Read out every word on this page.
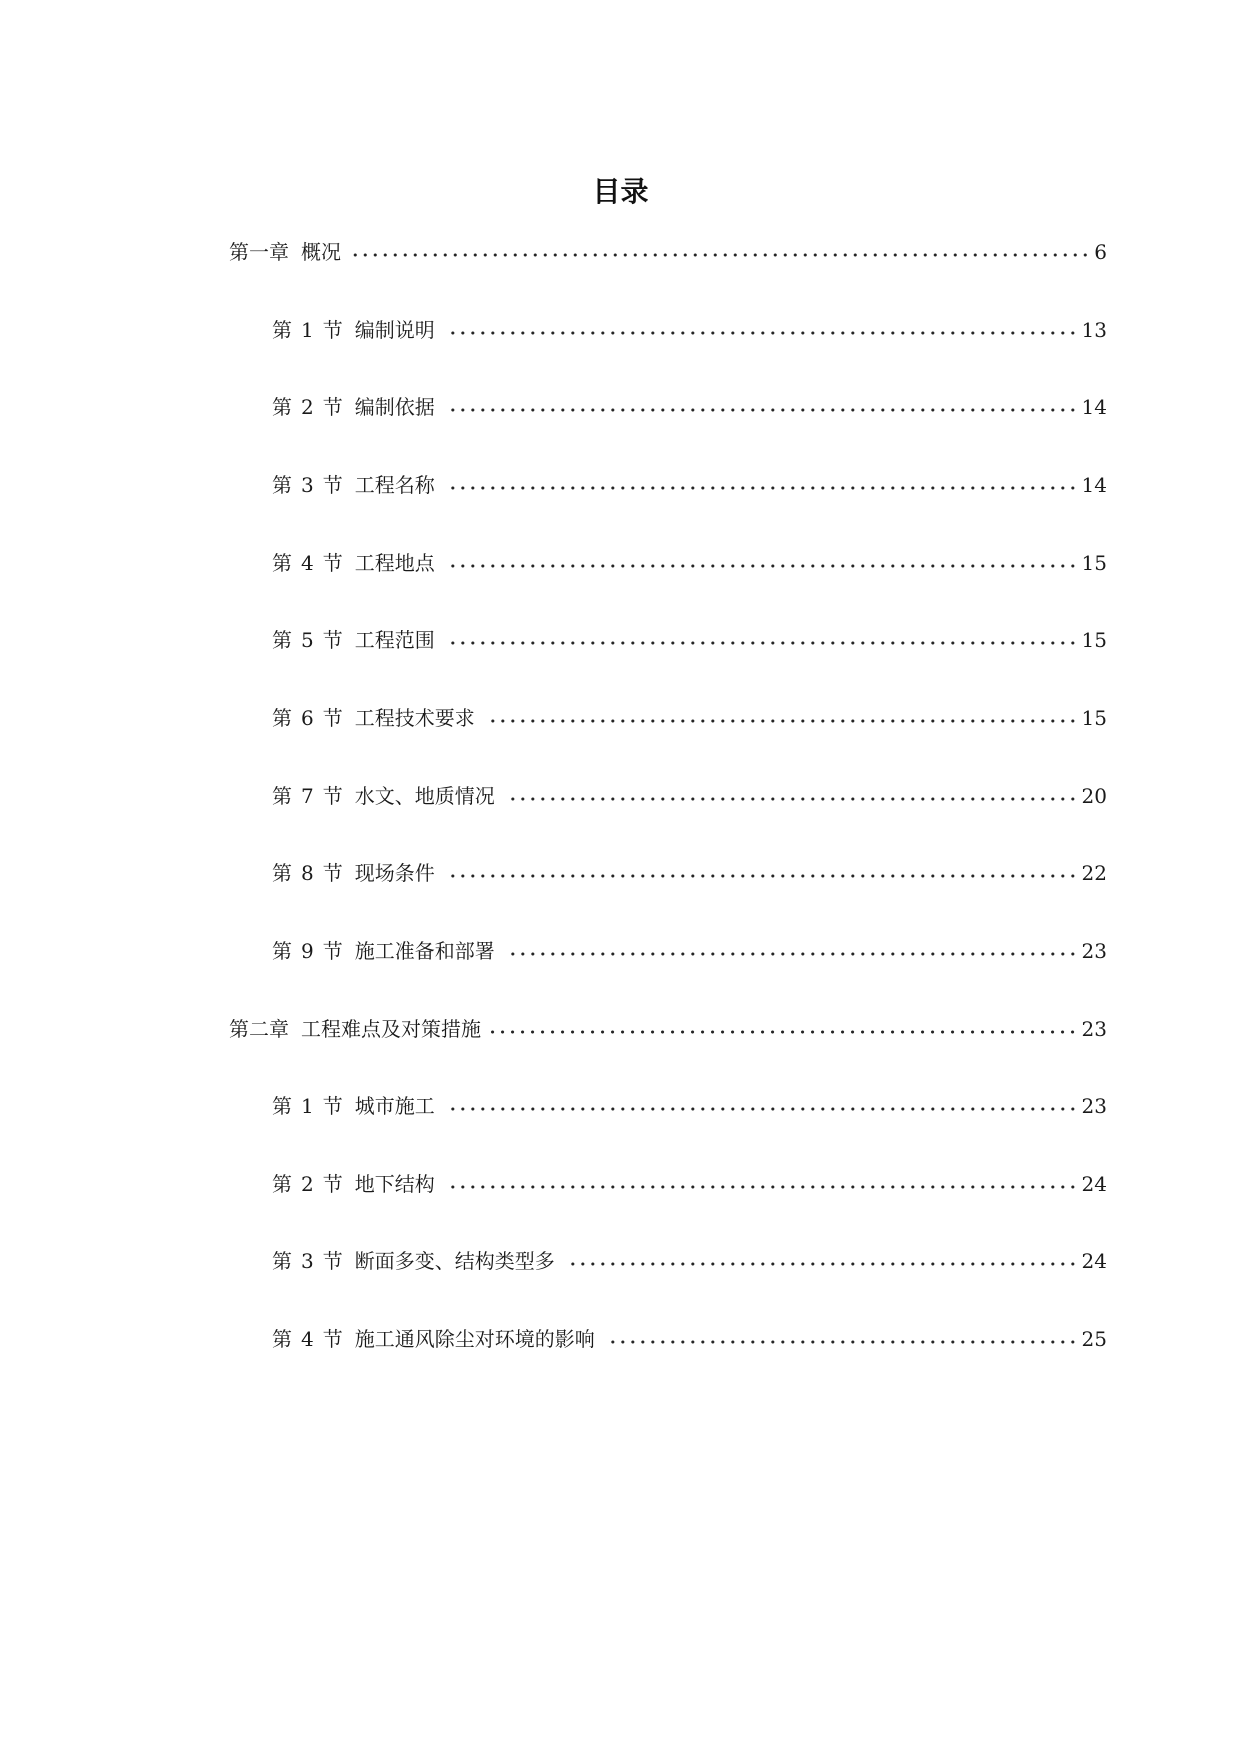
目录
第一章 概况	6
第 1 节 编制说明	13
第 2 节 编制依据	14
第 3 节 工程名称	14
第 4 节 工程地点	15
第 5 节 工程范围	15
第 6 节 工程技术要求	15
第 7 节 水文、地质情况	20
第 8 节 现场条件	22
第 9 节 施工准备和部署	23
第二章 工程难点及对策措施	23
第 1 节 城市施工	23
第 2 节 地下结构	24
第 3 节 断面多变、结构类型多	24
第 4 节 施工通风除尘对环境的影响	25
